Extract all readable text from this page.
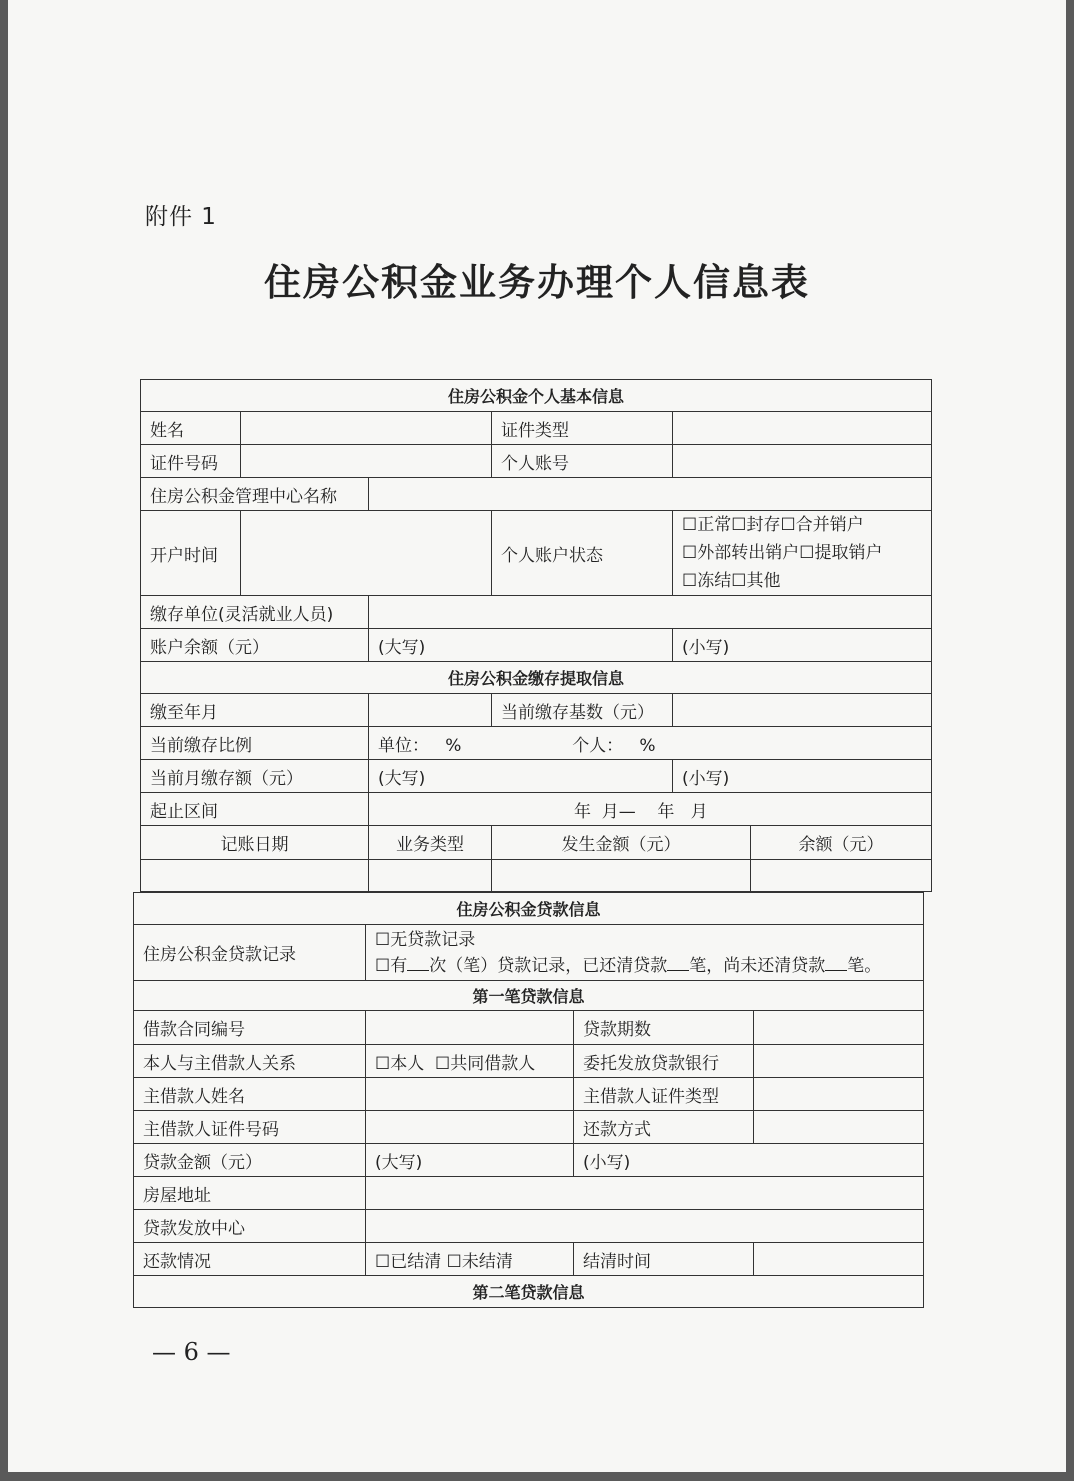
附件 1
住房公积金业务办理个人信息表
住房公积金个人基本信息					
姓名			证件类型		
证件号码			个人账号		
住房公积金管理中心名称					
开户时间			个人账户状态	☐正常☐封存☐合并销户
☐外部转出销户☐提取销户
☐冻结☐其他	

缴存单位(灵活就业人员)					
账户余额（元）		(大写)		(小写)	
住房公积金缴存提取信息					
缴至年月			当前缴存基数（元）		
当前缴存比例		单位：   % 个人：   %			
当前月缴存额（元）		(大写)		(小写)	
起止区间		年  月—    年   月			
记账日期		业务类型	发生金额（元）		余额（元）

住房公积金贷款信息			
住房公积金贷款记录	☐无贷款记录
☐有 次（笔）贷款记录，已还清贷款 笔，尚未还清贷款 笔。		

第一笔贷款信息			
借款合同编号		贷款期数	
本人与主借款人关系	☐本人  ☐共同借款人	委托发放贷款银行	
主借款人姓名		主借款人证件类型	
主借款人证件号码		还款方式	
贷款金额（元）	(大写)	(小写)	
房屋地址			
贷款发放中心			
还款情况	☐已结清 ☐未结清	结清时间	
第二笔贷款信息			
— 6 —
